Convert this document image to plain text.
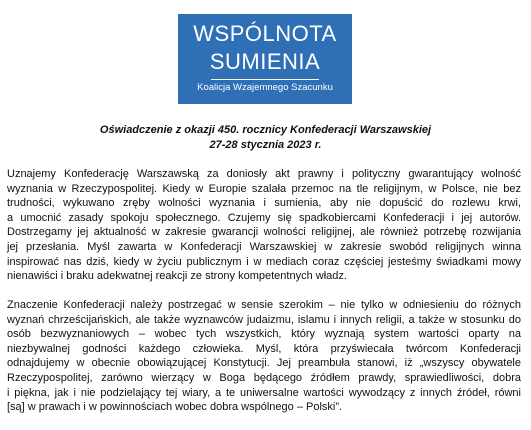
WSPÓLNOTA
SUMIENIA
Koalicja Wzajemnego Szacunku
Oświadczenie z okazji 450. rocznicy Konfederacji Warszawskiej
27-28 stycznia 2023 r.
Uznajemy Konfederację Warszawską za doniosły akt prawny i polityczny gwarantujący wolność
wyznania w Rzeczypospolitej. Kiedy w Europie szalała przemoc na tle religijnym, w Polsce, nie bez
trudności, wykuwano zręby wolności wyznania i sumienia, aby nie dopuścić do rozlewu krwi,
a umocnić zasady spokoju społecznego. Czujemy się spadkobiercami Konfederacji i jej autorów.
Dostrzegamy jej aktualność w zakresie gwarancji wolności religijnej, ale również potrzebę rozwijania
jej przesłania. Myśl zawarta w Konfederacji Warszawskiej w zakresie swobód religijnych winna
inspirować nas dziś, kiedy w życiu publicznym i w mediach coraz częściej jesteśmy świadkami mowy
nienawiści i braku adekwatnej reakcji ze strony kompetentnych władz.
Znaczenie Konfederacji należy postrzegać w sensie szerokim – nie tylko w odniesieniu do różnych
wyznań chrześcijańskich, ale także wyznawców judaizmu, islamu i innych religii, a także w stosunku do
osób bezwyznaniowych – wobec tych wszystkich, który wyznają system wartości oparty na
niezbywalnej godności każdego człowieka. Myśl, która przyświecała twórcom Konfederacji
odnajdujemy w obecnie obowiązującej Konstytucji. Jej preambuła stanowi, iż „wszyscy obywatele
Rzeczypospolitej, zarówno wierzący w Boga będącego źródłem prawdy, sprawiedliwości, dobra
i piękna, jak i nie podzielający tej wiary, a te uniwersalne wartości wywodzący z innych źródeł, równi
[są] w prawach i w powinnościach wobec dobra wspólnego – Polski”.
